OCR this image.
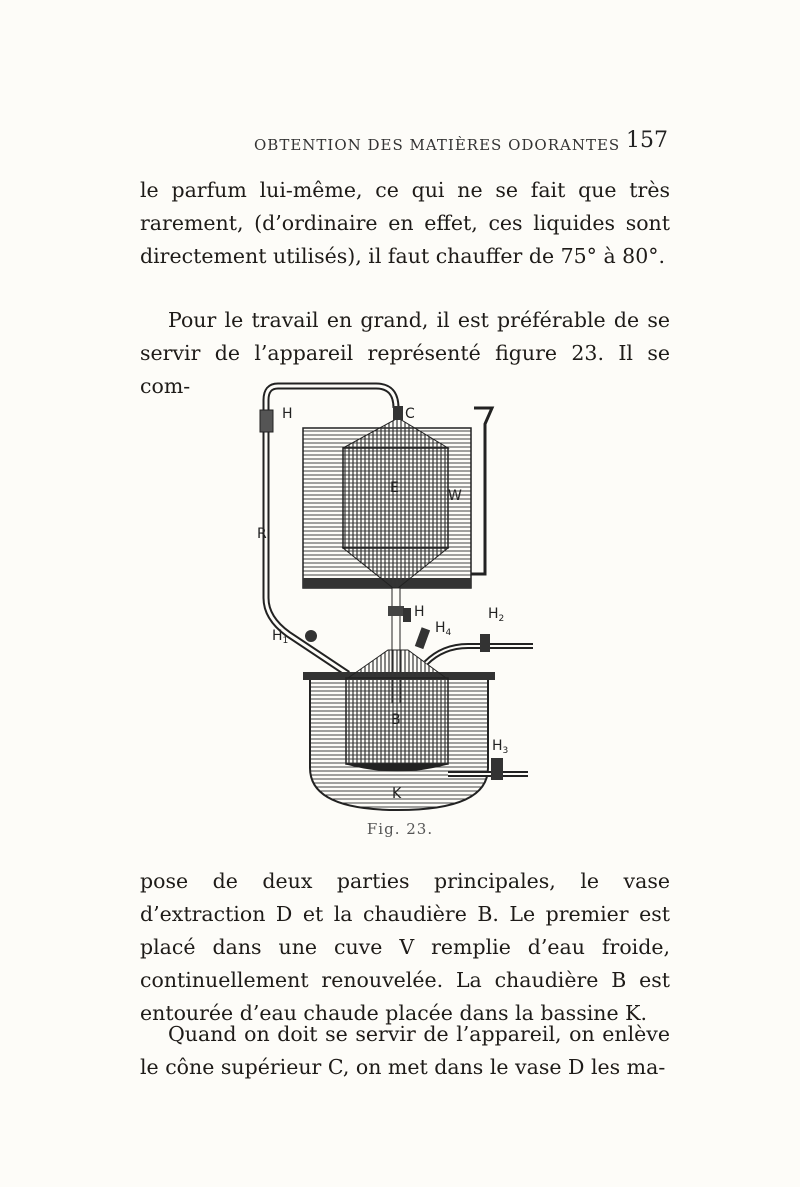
OBTENTION DES MATIÈRES ODORANTES 157

le parfum lui-même, ce qui ne se fait que très rarement, (d’ordinaire en effet, ces liquides sont directement utilisés), il faut chauffer de 75° à 80°.

Pour le travail en grand, il est préférable de se servir de l’appareil représenté figure 23. Il se com-

H	C
E	W
R
H
$H_1$
$H_2$
$H_4$
B
$H_3$
K
Fig. 23.

pose de deux parties principales, le vase d’extraction D et la chaudière B. Le premier est placé dans une cuve V remplie d’eau froide, continuellement renouvelée. La chaudière B est entourée d’eau chaude placée dans la bassine K.

Quand on doit se servir de l’appareil, on enlève le cône supérieur C, on met dans le vase D les ma-
